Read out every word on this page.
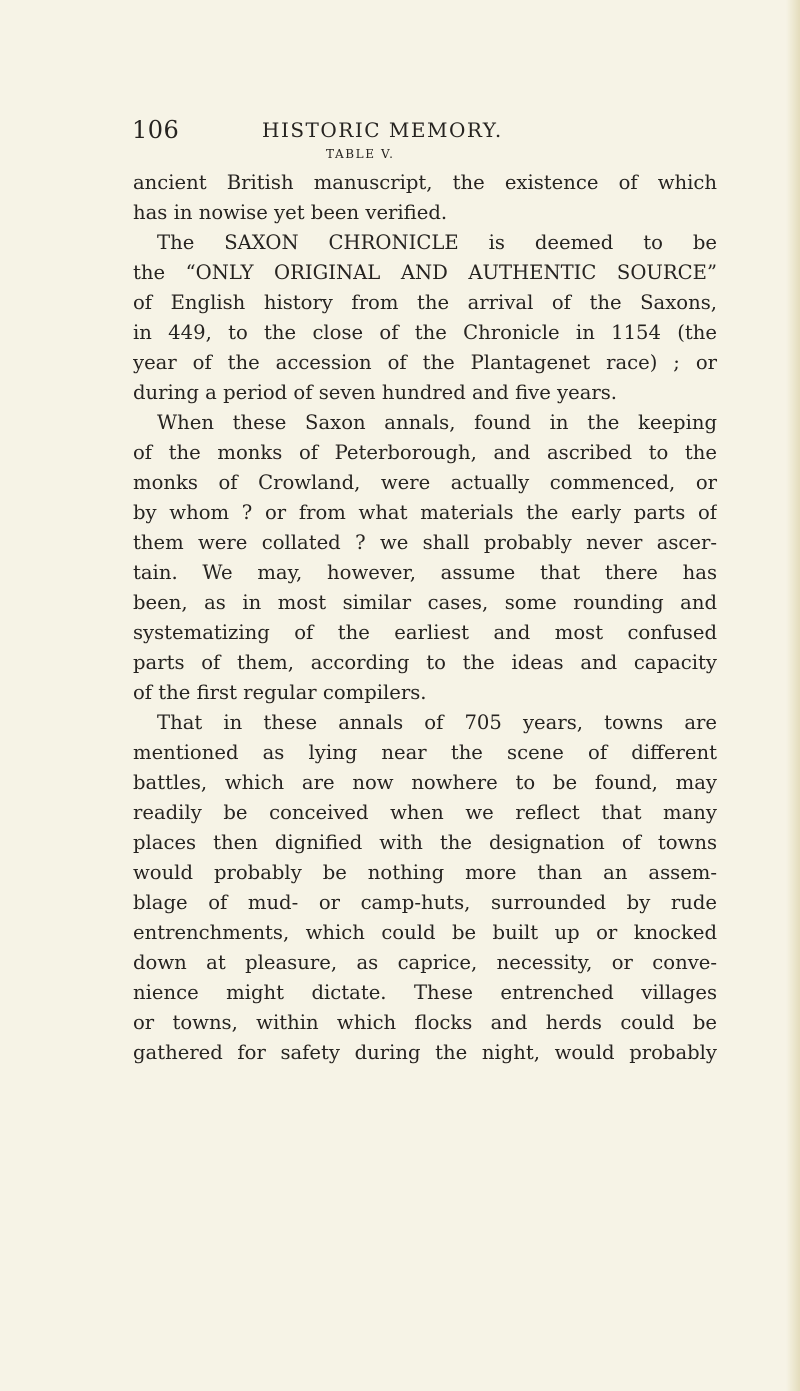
106	HISTORIC MEMORY.
TABLE V.
ancient British manuscript, the existence of which
has in nowise yet been verified.
The SAXON CHRONICLE is deemed to be
the “ONLY ORIGINAL AND AUTHENTIC SOURCE”
of English history from the arrival of the Saxons,
in 449, to the close of the Chronicle in 1154 (the
year of the accession of the Plantagenet race) ; or
during a period of seven hundred and five years.
When these Saxon annals, found in the keeping
of the monks of Peterborough, and ascribed to the
monks of Crowland, were actually commenced, or
by whom ? or from what materials the early parts of
them were collated ? we shall probably never ascer-
tain. We may, however, assume that there has
been, as in most similar cases, some rounding and
systematizing of the earliest and most confused
parts of them, according to the ideas and capacity
of the first regular compilers.
That in these annals of 705 years, towns are
mentioned as lying near the scene of different
battles, which are now nowhere to be found, may
readily be conceived when we reflect that many
places then dignified with the designation of towns
would probably be nothing more than an assem-
blage of mud- or camp-huts, surrounded by rude
entrenchments, which could be built up or knocked
down at pleasure, as caprice, necessity, or conve-
nience might dictate. These entrenched villages
or towns, within which flocks and herds could be
gathered for safety during the night, would probably
